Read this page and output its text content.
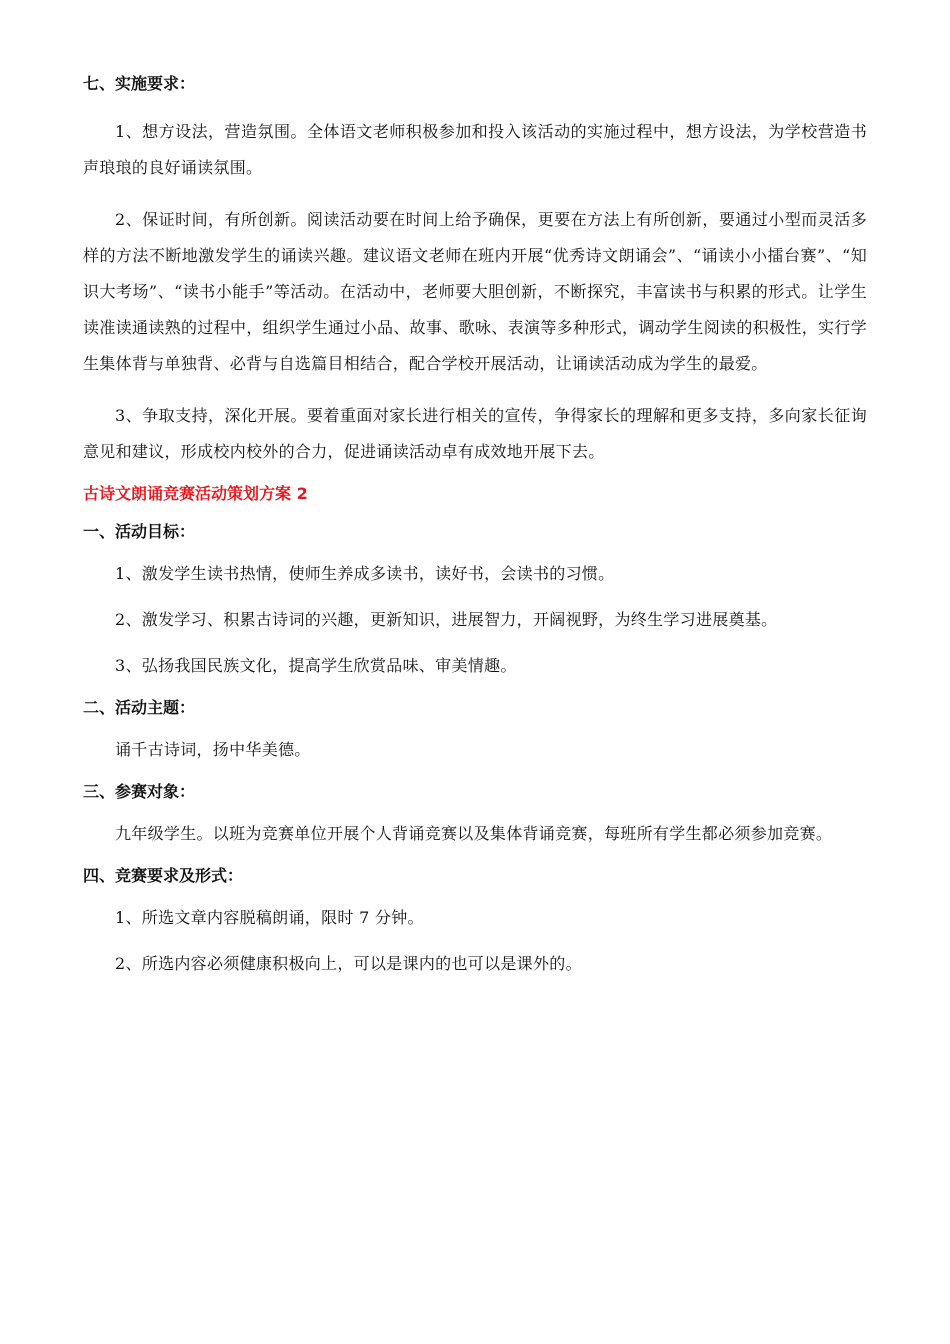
七、实施要求：

1、想方设法，营造氛围。全体语文老师积极参加和投入该活动的实施过程中，想方设法，为学校营造书声琅琅的良好诵读氛围。

2、保证时间，有所创新。阅读活动要在时间上给予确保，更要在方法上有所创新，要通过小型而灵活多样的方法不断地激发学生的诵读兴趣。建议语文老师在班内开展“优秀诗文朗诵会”、“诵读小小擂台赛”、“知识大考场”、“读书小能手”等活动。在活动中，老师要大胆创新，不断探究，丰富读书与积累的形式。让学生读准读通读熟的过程中，组织学生通过小品、故事、歌咏、表演等多种形式，调动学生阅读的积极性，实行学生集体背与单独背、必背与自选篇目相结合，配合学校开展活动，让诵读活动成为学生的最爱。

3、争取支持，深化开展。要着重面对家长进行相关的宣传，争得家长的理解和更多支持，多向家长征询意见和建议，形成校内校外的合力，促进诵读活动卓有成效地开展下去。

古诗文朗诵竞赛活动策划方案 2

一、活动目标：

1、激发学生读书热情，使师生养成多读书，读好书，会读书的习惯。

2、激发学习、积累古诗词的兴趣，更新知识，进展智力，开阔视野，为终生学习进展奠基。

3、弘扬我国民族文化，提高学生欣赏品味、审美情趣。

二、活动主题：

诵千古诗词，扬中华美德。

三、参赛对象：

九年级学生。以班为竞赛单位开展个人背诵竞赛以及集体背诵竞赛，每班所有学生都必须参加竞赛。

四、竞赛要求及形式：

1、所选文章内容脱稿朗诵，限时 7 分钟。

2、所选内容必须健康积极向上，可以是课内的也可以是课外的。
